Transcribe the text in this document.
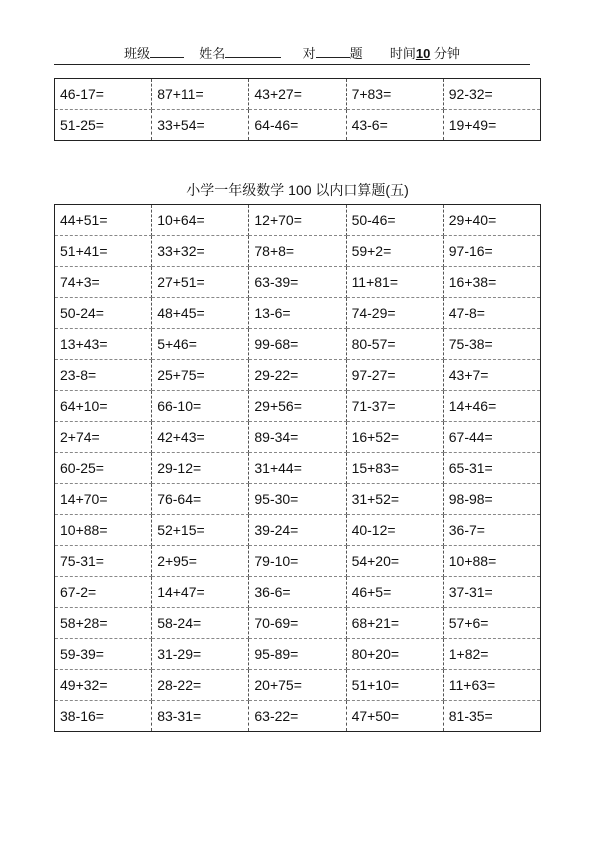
班级	姓名	对	题 时间10 分钟
46-17=	87+11=	43+27=	7+83=	92-32=
51-25=	33+54=	64-46=	43-6=	19+49=
小学一年级数学 100 以内口算题(五)
44+51=	10+64=	12+70=	50-46=	29+40=
51+41=	33+32=	78+8=	59+2=	97-16=
74+3=	27+51=	63-39=	11+81=	16+38=
50-24=	48+45=	13-6=	74-29=	47-8=
13+43=	5+46=	99-68=	80-57=	75-38=
23-8=	25+75=	29-22=	97-27=	43+7=
64+10=	66-10=	29+56=	71-37=	14+46=
2+74=	42+43=	89-34=	16+52=	67-44=
60-25=	29-12=	31+44=	15+83=	65-31=
14+70=	76-64=	95-30=	31+52=	98-98=
10+88=	52+15=	39-24=	40-12=	36-7=
75-31=	2+95=	79-10=	54+20=	10+88=
67-2=	14+47=	36-6=	46+5=	37-31=
58+28=	58-24=	70-69=	68+21=	57+6=
59-39=	31-29=	95-89=	80+20=	1+82=
49+32=	28-22=	20+75=	51+10=	11+63=
38-16=	83-31=	63-22=	47+50=	81-35=
